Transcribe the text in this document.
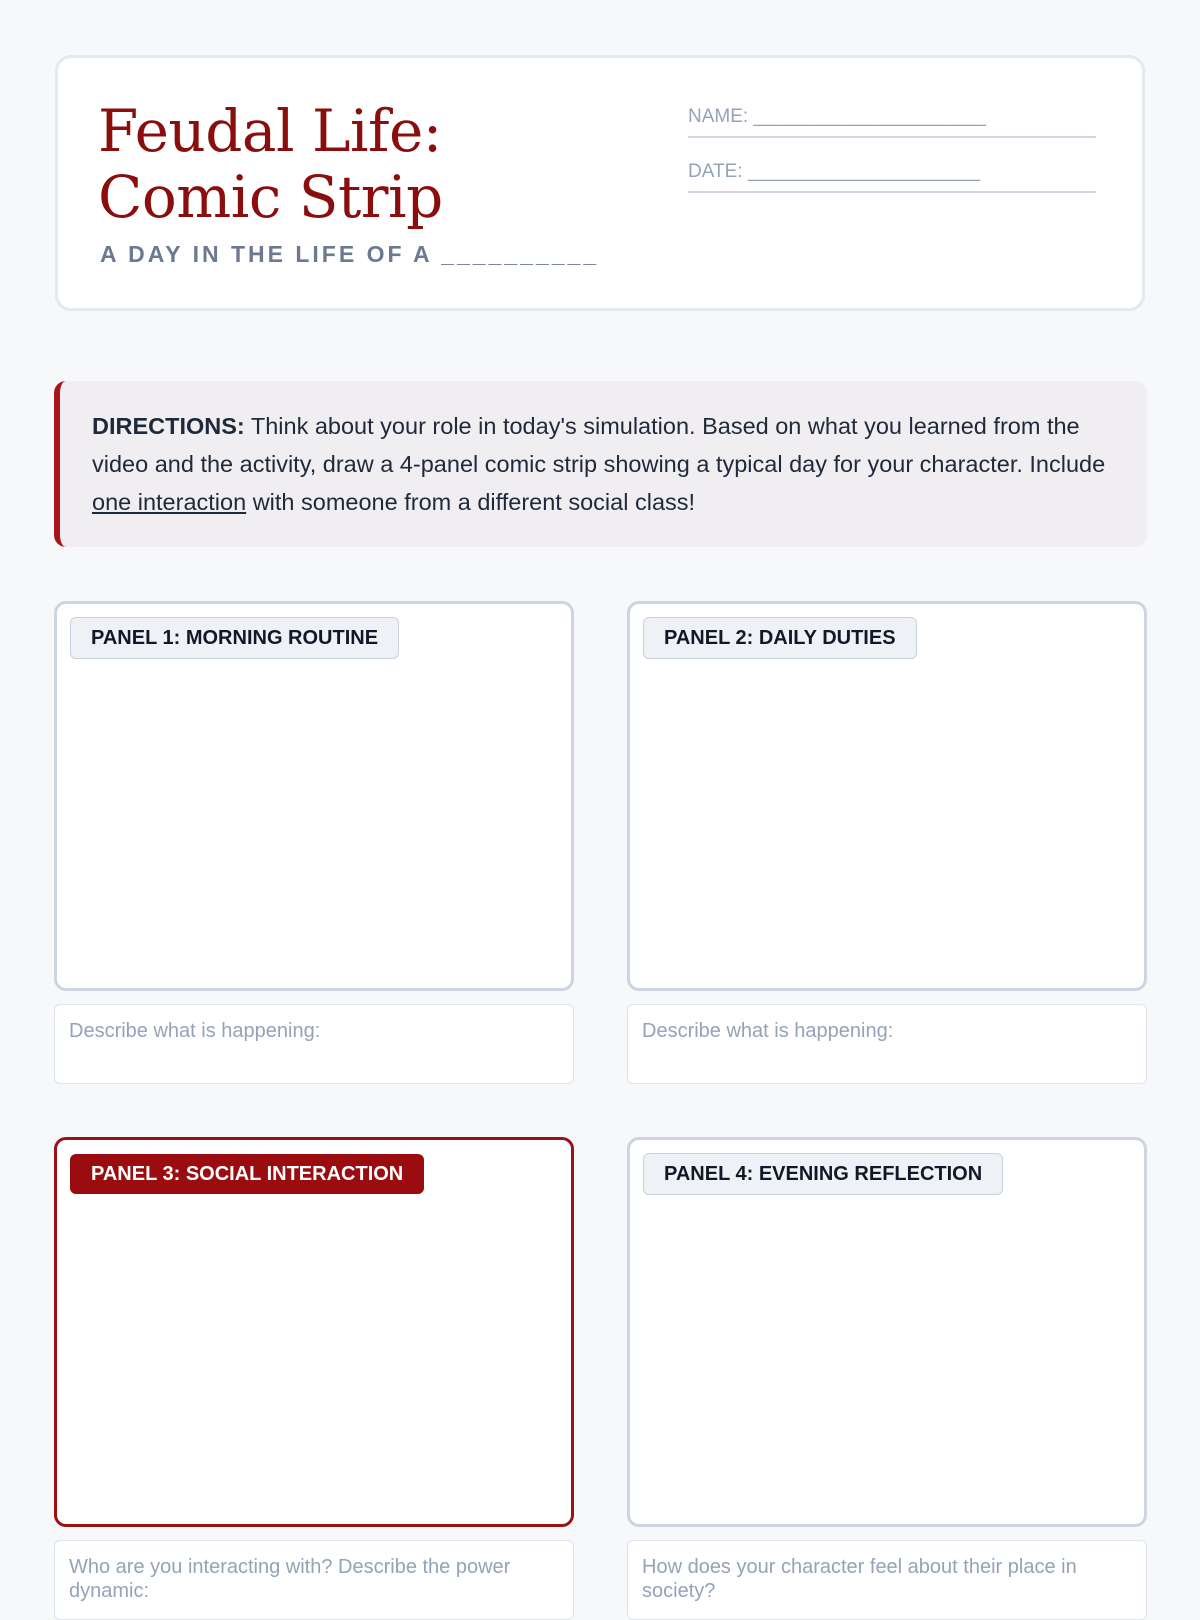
Feudal Life: Comic Strip
A DAY IN THE LIFE OF A __________
NAME: ______________________
DATE: ______________________
DIRECTIONS: Think about your role in today's simulation. Based on what you learned from the video and the activity, draw a 4-panel comic strip showing a typical day for your character. Include one interaction with someone from a different social class!
PANEL 1: MORNING ROUTINE	PANEL 2: DAILY DUTIES
Describe what is happening:	Describe what is happening:
PANEL 3: SOCIAL INTERACTION	PANEL 4: EVENING REFLECTION
Who are you interacting with? Describe the power dynamic:
How does your character feel about their place in society?
